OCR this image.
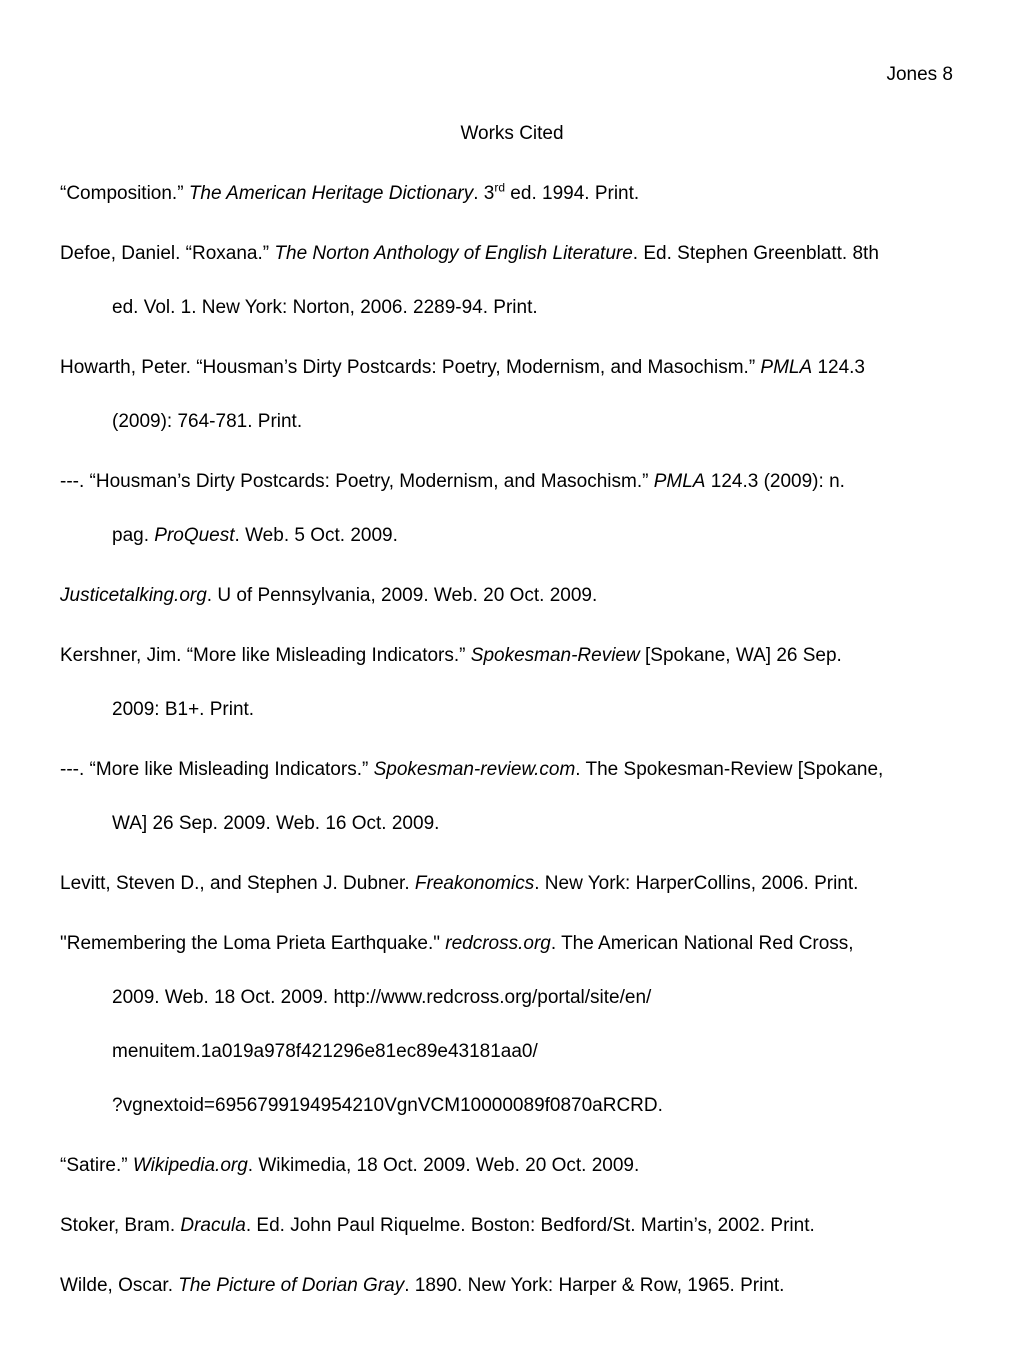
Jones 8
Works Cited
“Composition.” The American Heritage Dictionary. 3rd ed. 1994. Print.
Defoe, Daniel. “Roxana.” The Norton Anthology of English Literature. Ed. Stephen Greenblatt. 8th
ed. Vol. 1. New York: Norton, 2006. 2289-94. Print.
Howarth, Peter. “Housman’s Dirty Postcards: Poetry, Modernism, and Masochism.” PMLA 124.3
(2009): 764-781. Print.
---. “Housman’s Dirty Postcards: Poetry, Modernism, and Masochism.” PMLA 124.3 (2009): n.
pag. ProQuest. Web. 5 Oct. 2009.
Justicetalking.org. U of Pennsylvania, 2009. Web. 20 Oct. 2009.
Kershner, Jim. “More like Misleading Indicators.” Spokesman-Review [Spokane, WA] 26 Sep.
2009: B1+. Print.
---. “More like Misleading Indicators.” Spokesman-review.com. The Spokesman-Review [Spokane,
WA] 26 Sep. 2009. Web. 16 Oct. 2009.
Levitt, Steven D., and Stephen J. Dubner. Freakonomics. New York: HarperCollins, 2006. Print.
"Remembering the Loma Prieta Earthquake." redcross.org. The American National Red Cross,
2009. Web. 18 Oct. 2009. http://www.redcross.org/portal/site/en/
menuitem.1a019a978f421296e81ec89e43181aa0/
?vgnextoid=6956799194954210VgnVCM10000089f0870aRCRD.
“Satire.” Wikipedia.org. Wikimedia, 18 Oct. 2009. Web. 20 Oct. 2009.
Stoker, Bram. Dracula. Ed. John Paul Riquelme. Boston: Bedford/St. Martin’s, 2002. Print.
Wilde, Oscar. The Picture of Dorian Gray. 1890. New York: Harper & Row, 1965. Print.
